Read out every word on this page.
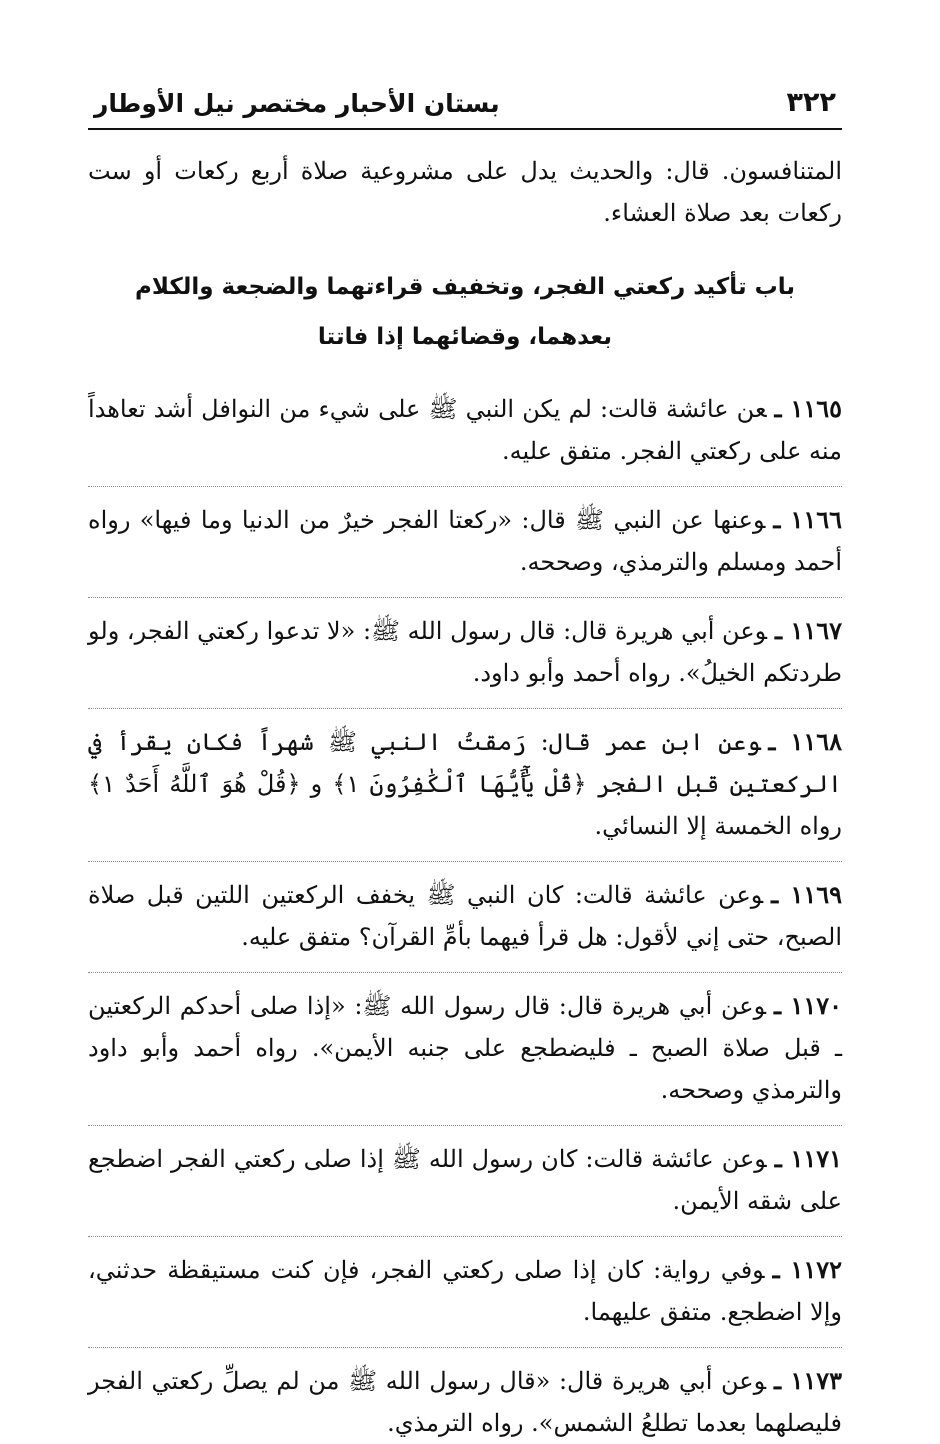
٣٢٢
بستان الأحبار مختصر نيل الأوطار

المتنافسون. قال: والحديث يدل على مشروعية صلاة أربع ركعات أو ست ركعات بعد صلاة العشاء.

باب تأكيد ركعتي الفجر، وتخفيف قراءتهما والضجعة والكلام بعدهما، وقضائهما إذا فاتتا

١١٦٥ ـعن عائشة قالت: لم يكن النبي ﷺ على شيء من النوافل أشد تعاهداً منه على ركعتي الفجر. متفق عليه.

١١٦٦ ـوعنها عن النبي ﷺ قال: «ركعتا الفجر خيرٌ من الدنيا وما فيها» رواه أحمد ومسلم والترمذي، وصححه.

١١٦٧ ـوعن أبي هريرة قال: قال رسول الله ﷺ: «لا تدعوا ركعتي الفجر، ولو طردتكم الخيلُ». رواه أحمد وأبو داود.

١١٦٨ ـوعن ابن عمر قال: رَمقتُ النبي ﷺ شهراً فكان يقرأ في الركعتين قبل الفجر ﴿قُلْ يَٰٓأَيُّهَا ٱلْكَٰفِرُونَ ١﴾ و ﴿قُلْ هُوَ ٱللَّهُ أَحَدٌ ١﴾ رواه الخمسة إلا النسائي.

١١٦٩ ـوعن عائشة قالت: كان النبي ﷺ يخفف الركعتين اللتين قبل صلاة الصبح، حتى إني لأقول: هل قرأ فيهما بأمِّ القرآن؟ متفق عليه.

١١٧٠ ـوعن أبي هريرة قال: قال رسول الله ﷺ: «إذا صلى أحدكم الركعتين ـ قبل صلاة الصبح ـ فليضطجع على جنبه الأيمن». رواه أحمد وأبو داود والترمذي وصححه.

١١٧١ ـوعن عائشة قالت: كان رسول الله ﷺ إذا صلى ركعتي الفجر اضطجع على شقه الأيمن.

١١٧٢ ـوفي رواية: كان إذا صلى ركعتي الفجر، فإن كنت مستيقظة حدثني، وإلا اضطجع. متفق عليهما.

١١٧٣ ـوعن أبي هريرة قال: «قال رسول الله ﷺ من لم يصلِّ ركعتي الفجر فليصلهما بعدما تطلعُ الشمس». رواه الترمذي.
